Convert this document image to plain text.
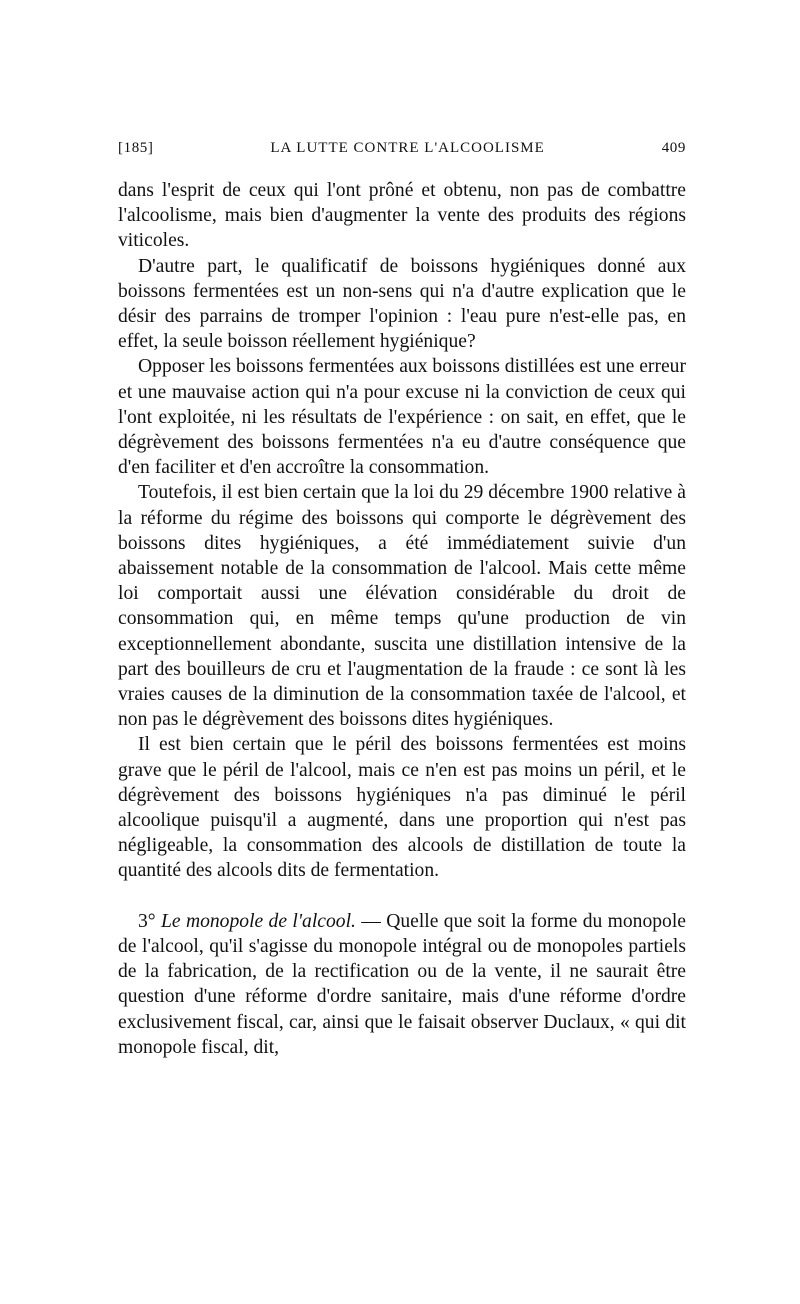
[185]	LA LUTTE CONTRE L'ALCOOLISME	409

dans l'esprit de ceux qui l'ont prôné et obtenu, non pas de combattre l'alcoolisme, mais bien d'augmenter la vente des produits des régions viticoles.

D'autre part, le qualificatif de boissons hygiéniques donné aux boissons fermentées est un non-sens qui n'a d'autre explication que le désir des parrains de tromper l'opinion : l'eau pure n'est-elle pas, en effet, la seule boisson réellement hygiénique?

Opposer les boissons fermentées aux boissons distillées est une erreur et une mauvaise action qui n'a pour excuse ni la conviction de ceux qui l'ont exploitée, ni les résultats de l'expérience : on sait, en effet, que le dégrèvement des boissons fermentées n'a eu d'autre conséquence que d'en faciliter et d'en accroître la consommation.

Toutefois, il est bien certain que la loi du 29 décembre 1900 relative à la réforme du régime des boissons qui comporte le dégrèvement des boissons dites hygiéniques, a été immédiatement suivie d'un abaissement notable de la consommation de l'alcool. Mais cette même loi comportait aussi une élévation considérable du droit de consommation qui, en même temps qu'une production de vin exceptionnellement abondante, suscita une distillation intensive de la part des bouilleurs de cru et l'augmentation de la fraude : ce sont là les vraies causes de la diminution de la consommation taxée de l'alcool, et non pas le dégrèvement des boissons dites hygiéniques.

Il est bien certain que le péril des boissons fermentées est moins grave que le péril de l'alcool, mais ce n'en est pas moins un péril, et le dégrèvement des boissons hygiéniques n'a pas diminué le péril alcoolique puisqu'il a augmenté, dans une proportion qui n'est pas négligeable, la consommation des alcools de distillation de toute la quantité des alcools dits de fermentation.

3° Le monopole de l'alcool. — Quelle que soit la forme du monopole de l'alcool, qu'il s'agisse du monopole intégral ou de monopoles partiels de la fabrication, de la rectification ou de la vente, il ne saurait être question d'une réforme d'ordre sanitaire, mais d'une réforme d'ordre exclusivement fiscal, car, ainsi que le faisait observer Duclaux, « qui dit monopole fiscal, dit,
